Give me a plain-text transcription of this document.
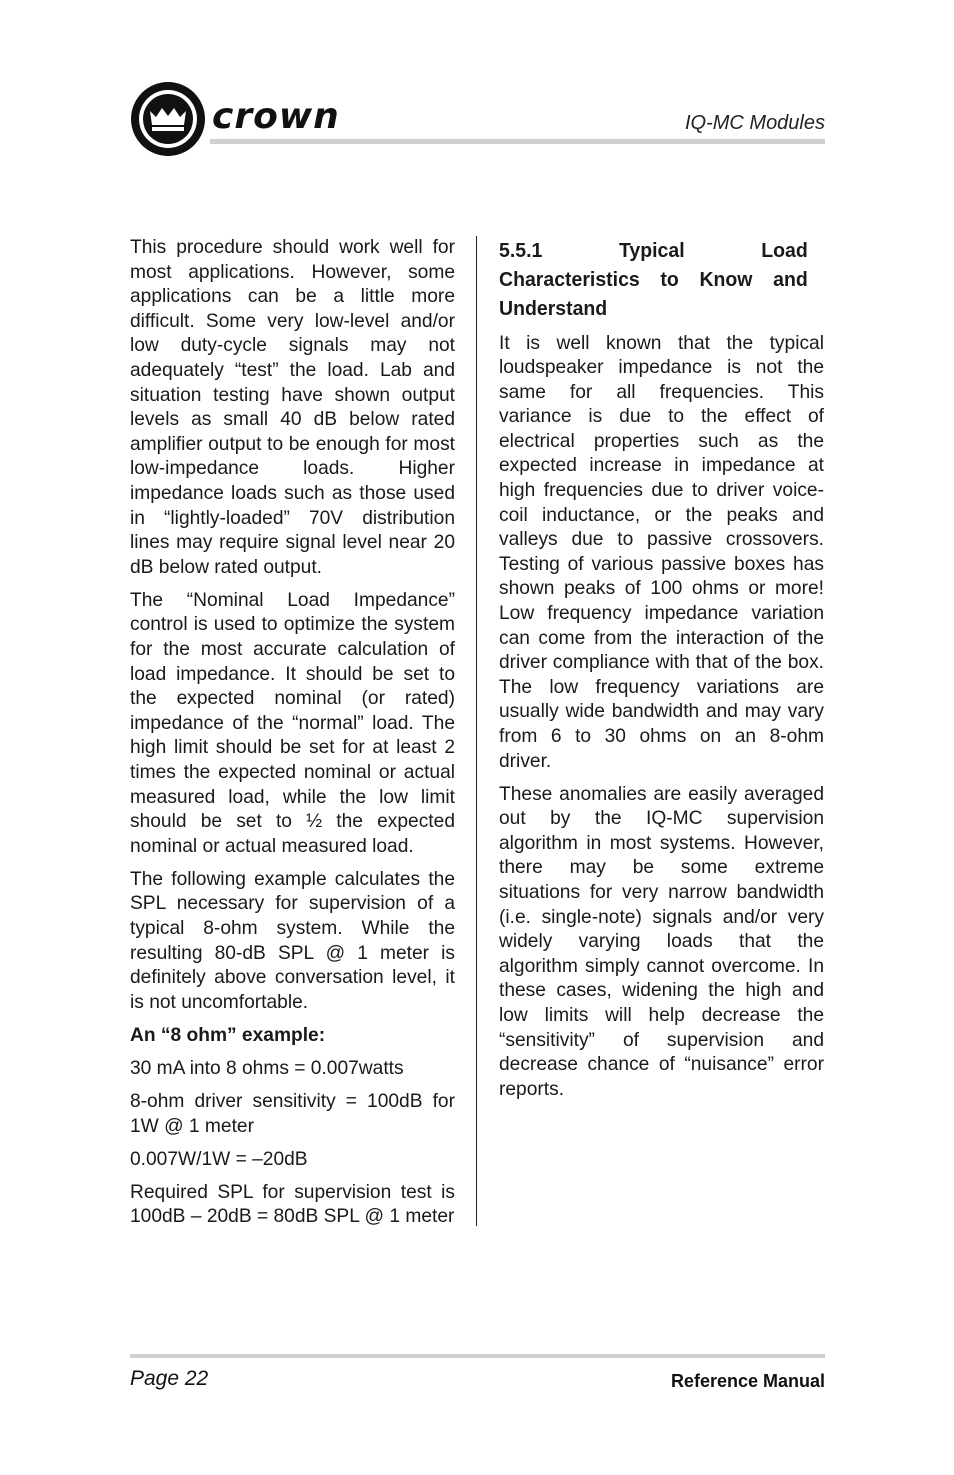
crown	IQ-MC Modules

This procedure should work well for most applications. However, some applications can be a little more difficult. Some very low-level and/or low duty-cycle signals may not adequately “test” the load. Lab and situation testing have shown output levels as small 40 dB below rated amplifier output to be enough for most low-impedance loads. Higher impedance loads such as those used in “lightly-loaded” 70V distribution lines may require signal level near 20 dB below rated output.

The “Nominal Load Impedance” control is used to optimize the system for the most accurate calculation of load impedance. It should be set to the expected nominal (or rated) impedance of the “normal” load. The high limit should be set for at least 2 times the expected nominal or actual measured load, while the low limit should be set to ½ the expected nominal or actual measured load.

The following example calculates the SPL necessary for supervision of a typical 8-ohm system. While the resulting 80-dB SPL @ 1 meter is definitely above conversation level, it is not uncomfortable.

An “8 ohm” example:

30 mA into 8 ohms = 0.007watts

8-ohm driver sensitivity = 100dB for 1W @ 1 meter

0.007W/1W = –20dB

Required SPL for supervision test is 100dB – 20dB = 80dB SPL @ 1 meter

5.5.1 Typical Load Characteristics to Know and Understand

It is well known that the typical loudspeaker impedance is not the same for all frequencies. This variance is due to the effect of electrical properties such as the expected increase in impedance at high frequencies due to driver voice-coil inductance, or the peaks and valleys due to passive crossovers. Testing of various passive boxes has shown peaks of 100 ohms or more! Low frequency impedance variation can come from the interaction of the driver compliance with that of the box. The low frequency variations are usually wide bandwidth and may vary from 6 to 30 ohms on an 8-ohm driver.

These anomalies are easily averaged out by the IQ-MC supervision algorithm in most systems. However, there may be some extreme situations for very narrow bandwidth (i.e. single-note) signals and/or very widely varying loads that the algorithm simply cannot overcome. In these cases, widening the high and low limits will help decrease the “sensitivity” of supervision and decrease chance of “nuisance” error reports.

Page 22	Reference Manual
